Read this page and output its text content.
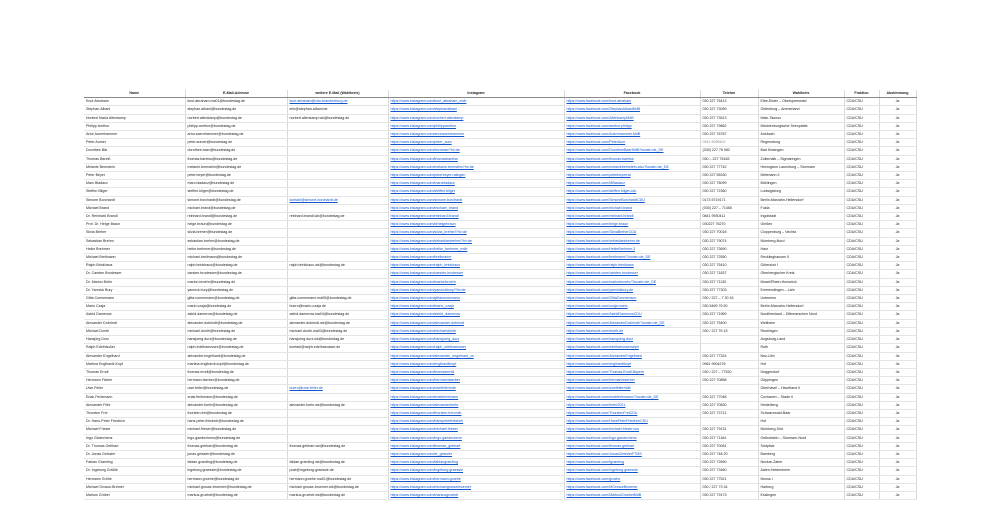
Name	E-Mail-Adresse	weitere E-Mail (Wahlkreis)	Instagram	Facebook	Telefon	Wahlkreis	Fraktion	Abstimmung
Knut Abraham	knut.abraham.ma01@bundestag.de	knut.abraham@cdu-brandenburg.de	https://www.instagram.com/knut_abraham_mdb	https://www.facebook.com/knut.abraham	030 227 76413	Elbe-Elster – Oberspreewald	CDU/CSU	Ja
Stephan Albani	stephan.albani@bundestag.de	info@stephan-albani.de	https://www.instagram.com/stephanalbani	https://www.facebook.com/StephanAlbaniMdB	030 227 73059	Oldenburg – Ammerland	CDU/CSU	Ja
Norbert Maria Altenkamp	norbert.altenkamp@bundestag.de	norbert.altenkamp.wk@bundestag.de	https://www.instagram.com/norbert.altenkamp	https://www.facebook.com/AltenkampMdB	030 227 73513	Main-Taunus	CDU/CSU	Ja
Philipp Amthor	philipp.amthor@bundestag.de		https://www.instagram.com/philippamthor	https://www.facebook.com/amthor.philipp	030 227 79862	Mecklenburgische Seenplatte	CDU/CSU	Ja
Artur Auernhammer	artur.auernhammer@bundestag.de		https://www.instagram.com/arturauernhammer	https://www.facebook.com/Auernhammer.MdB	030 227 76767	Ansbach	CDU/CSU	Ja
Peter Aumer	peter.aumer@bundestag.de		https://www.instagram.com/peter_aum	https://www.facebook.com/PeterAum	0941 5095402	Regensburg	CDU/CSU	Ja
Dorothee Bär	dorothee.baer@bundestag.de		https://www.instagram.com/dorobaer?hl=de	https://www.facebook.com/DorotheeBaerMdB?locale=de_DE	(030) 227 76 082	Bad Kissingen	CDU/CSU	Ja
Thomas Bareiß	thomas.bareiss@bundestag.de		https://www.instagram.com/thomasbareiss	https://www.facebook.com/thomas.bareiss	030 – 227 75183	Zollernalb – Sigmaringen	CDU/CSU	Ja
Melanie Bernstein	melanie.bernstein@bundestag.de		https://www.instagram.com/melanie.bernstein?hl=de	https://www.facebook.com/melaniebernstein.cdu/?locale=de_DE	030 227 77742	Herzogtum Lauenburg – Stormarn	CDU/CSU	Ja
Peter Beyer	peter.beyer@bundestag.de		https://www.instagram.com/peterbeyer.ratingen	https://www.facebook.com/peterbeyerrat	030 227 55330	Mettmann II	CDU/CSU	Ja
Marc Biadacz	marc.biadacz@bundestag.de		https://www.instagram.com/marcbiadacz	https://www.facebook.com/MBiadacz	030 227 78099	Böblingen	CDU/CSU	Ja
Steffen Bilger	steffen.bilger@bundestag.de		https://www.instagram.com/steffen.bilger	https://www.facebook.com/steffen.bilger.cdu	030 227 72360	Ludwigsburg	CDU/CSU	Ja
Simone Borchardt	simone.borchardt@bundestag.de	kontakt@simone-borchardt.de	https://www.instagram.com/simone.borchardt	https://www.facebook.com/SimoneBorchardtCDU	0173 5719171	Berlin-Marzahn-Hellersdorf	CDU/CSU	Ja
Michael Brand	michael.brand@bundestag.de		https://www.instagram.com/michael_brand	https://www.facebook.com/michael.brand	(030) 227 – 71465	Fulda	CDU/CSU	Ja
Dr. Reinhard Brandl	reinhard.brandl@bundestag.de	reinhard.brandl.wk@bundestag.de	https://www.instagram.com/reinhard.brandl	https://www.facebook.com/reinhard.brandl	0841 9930411	Ingolstadt	CDU/CSU	Ja
Prof. Dr. Helge Braun	helge.braun@bundestag.de		https://www.instagram.com/drhelgebraun	https://www.facebook.com/helge.braun	030227 76270	Gießen	CDU/CSU	Ja
Silvia Breher	silvia.breher@bundestag.de		https://www.instagram.com/silvia_breher/?hl=de	https://www.facebook.com/SilviaBreherCDU	030 227 70018	Cloppenburg – Vechta	CDU/CSU	Ja
Sebastian Brehm	sebastian.brehm@bundestag.de		https://www.instagram.com/sebastianbrehm/?hl=de	https://www.facebook.com/sebastianbrehm.de	030 227 79074	Nürnberg-Nord	CDU/CSU	Ja
Heike Brehmer	heike.brehmer@bundestag.de		https://www.instagram.com/heike_brehmer_mdb	https://www.facebook.com/HeikeBrehmer.3	030 227 73690	Harz	CDU/CSU	Ja
Michael Breilmann	michael.breilmann@bundestag.de		https://www.instagram.com/breilmannr	https://www.facebook.com/breilmann/?locale=de_DE	030 227 72550	Recklinghausen II	CDU/CSU	Ja
Ralph Brinkhaus	ralph.brinkhaus@bundestag.de	ralph.brinkhaus.wk@bundestag.de	https://www.instagram.com/ralph_brinkhaus	https://www.facebook.com/ralph.brinkhaus	030 227 75410	Gütersloh I	CDU/CSU	Ja
Dr. Carsten Brodesser	carsten.brodesser@bundestag.de		https://www.instagram.com/carsten.brodesser	https://www.facebook.com/carsten.brodesser	030 227 71837	Oberbergischer Kreis	CDU/CSU	Ja
Dr. Marlon Bröhr	marlon.broehr@bundestag.de		https://www.instagram.com/marlonbroehr	https://www.facebook.com/marlonbroehr/?locale=de_DE	030 227 71130	Mosel/Rhein-Hunsrück	CDU/CSU	Ja
Dr. Yannick Bury	yannick.bury@bundestag.de		https://www.instagram.com/yannickbury/?hl=de	https://www.facebook.com/yannickbury.de	030 227 77303	Emmendingen – Lahr	CDU/CSU	Ja
Gitta Connemann	gitta.connemann@bundestag.de	gitta.connemann.ma05@bundestag.de	https://www.instagram.com/gittaconnemann	https://www.facebook.com/GittaConnemann	030 / 227 – 7 30 16	Unterems	CDU/CSU	Ja
Mario Czaja	mario.czaja@bundestag.de	buero@mario-czaja.de	https://www.instagram.com/mario_czaja	https://www.facebook.com/czaja.mario	030 5469 76 50	Berlin-Marzahn-Hellersdorf	CDU/CSU	Ja
Astrid Damerow	astrid.damerow@bundestag.de	astrid.damerow.ma04@bundestag.de	https://www.instagram.com/astrid_damerow	https://www.facebook.com/AstridDamerowCDU	030 227 71969	Nordfriesland – Dithmarschen Nord	CDU/CSU	Ja
Alexander Dobrindt	alexander.dobrindt@bundestag.de	alexander.dobrindt.wk@bundestag.de	https://www.instagram.com/alexander.dobrindt	https://www.facebook.com/AlexanderDobrindt/?locale=de_DE	030 227 75400	Weilheim	CDU/CSU	Ja
Michael Donth	michael.donth@bundestag.de	michael.donth.ma03@bundestag.de	https://www.instagram.com/michaeldonth	https://www.facebook.com/donth.de	030 / 227 76 15	Reutlingen	CDU/CSU	Ja
Hansjörg Durz	hansjoerg.durz@bundestag.de	hansjoerg.durz.wk@bundestag.de	https://www.instagram.com/hansjoerg_durz	https://www.facebook.com/hansjoerg.durz		Augsburg-Land	CDU/CSU	Ja
Ralph Edelhäußer	ralph.edelhaeusser@bundestag.de	kontakt@ralph-edelhaeusser.de	https://www.instagram.com/ralph_edelhaeusser	https://www.facebook.com/edelhaeusserralph		Roth	CDU/CSU	Ja
Alexander Engelhard	alexander.engelhard@bundestag.de		https://www.instagram.com/alexander_engelhard_cs	https://www.facebook.com/AlexanderEngelhard	030 227 77324	Neu-Ulm	CDU/CSU	Ja
Martina Englhardt-Kopf	martina.englhardt-kopf@bundestag.de		https://www.instagram.com/englhardtkopf	https://www.facebook.com/englhardtkopf	0961 9904276	Hof	CDU/CSU	Ja
Thomas Erndl	thomas.erndl@bundestag.de		https://www.instagram.com/thomaserndl	https://www.facebook.com/Thomas.Erndl.Bayern	030 / 227 – 77520	Deggendorf	CDU/CSU	Ja
Hermann Färber	hermann.faerber@bundestag.de		https://www.instagram.com/hermannfaerber	https://www.facebook.com/hermannfaerber	030 227 70858	Göppingen	CDU/CSU	Ja
Uwe Feiler	uwe.feiler@bundestag.de	buero@uwe-feiler.de	https://www.instagram.com/uwefeilermdb	https://www.facebook.com/uwefeilermdb		Oberhavel – Havelland II	CDU/CSU	Ja
Enak Ferlemann	enak.ferlemann@bundestag.de		https://www.instagram.com/enakferlemann	https://www.facebook.com/enakferlemann/?locale=de_DE	030 227 77048	Cuxhaven – Stade II	CDU/CSU	Ja
Alexander Föhr	alexander.foehr@bundestag.de	alexander.foehr.wk@bundestag.de	https://www.instagram.com/alexanderfoehr	https://www.facebook.com/foehr2021	030 227 70830	Heidelberg	CDU/CSU	Ja
Thorsten Frei	thorsten.frei@bundestag.de		https://www.instagram.com/thorsten.frei.mdb	https://www.facebook.com/ThorstenFreiCDU	030 227 73712	Schwarzwald-Baar	CDU/CSU	Ja
Dr. Hans-Peter Friedrich	hans-peter.friedrich@bundestag.de		https://www.instagram.com/hanspeterfriedrich	https://www.facebook.com/HansPeterFriedrichCSU		Hof	CDU/CSU	Ja
Michael Frieser	michael.frieser@bundestag.de		https://www.instagram.com/michael.frieser	https://www.facebook.com/michael.frieser.csu	030 227 79131	Nürnberg-Süd	CDU/CSU	Ja
Ingo Gädechens	ingo.gaedechens@bundestag.de		https://www.instagram.com/ingo.gaedechens	https://www.facebook.com/ingo.gaedechens	030 227 71164	Ostholstein – Stormarn-Nord	CDU/CSU	Ja
Dr. Thomas Gebhart	thomas.gebhart@bundestag.de	thomas.gebhart.wk@bundestag.de	https://www.instagram.com/thomas_gebhart	https://www.facebook.com/thomas.gebhart	030 227 70081	Südpfalz	CDU/CSU	Ja
Dr. Jonas Geissler	jonas.geissler@bundestag.de		https://www.instagram.com/dr_geissler	https://www.facebook.com/JonasGeisslerFTMS	030 227 748 20	Bamberg	CDU/CSU	Ja
Fabian Gramling	fabian.gramling@bundestag.de	fabian.gramling.wk@bundestag.de	https://www.instagram.com/fabiangramling	https://www.facebook.com/fgramling	030 227 72890	Neckar-Zaber	CDU/CSU	Ja
Dr. Ingeborg Gräßle	ingeborg.graessle@bundestag.de	post@ingeborg-graessle.de	https://www.instagram.com/ingeborg.graessle	https://www.facebook.com/ingeborg.graessle	030 227 73460	Aalen-Heidenheim	CDU/CSU	Ja
Hermann Gröhe	hermann.groehe@bundestag.de	hermann.groehe.ma01@bundestag.de	https://www.instagram.com/hermann.groehe	https://www.facebook.com/groehe	030 227 77521	Neuss I	CDU/CSU	Ja
Michael Grosse-Brömer	michael.grosse-broemer@bundestag.de	michael.grosse-broemer.wk@bundestag.de	https://www.instagram.com/michaelgrossebroemer	https://www.facebook.com/MGrosseBroemer	030 / 227 73 34	Harburg	CDU/CSU	Ja
Markus Grübel	markus.gruebel@bundestag.de	markus.gruebel.wk@bundestag.de	https://www.instagram.com/markusgruebel	https://www.facebook.com/MarkusGruebelMdB	030 227 79173	Esslingen	CDU/CSU	Ja
